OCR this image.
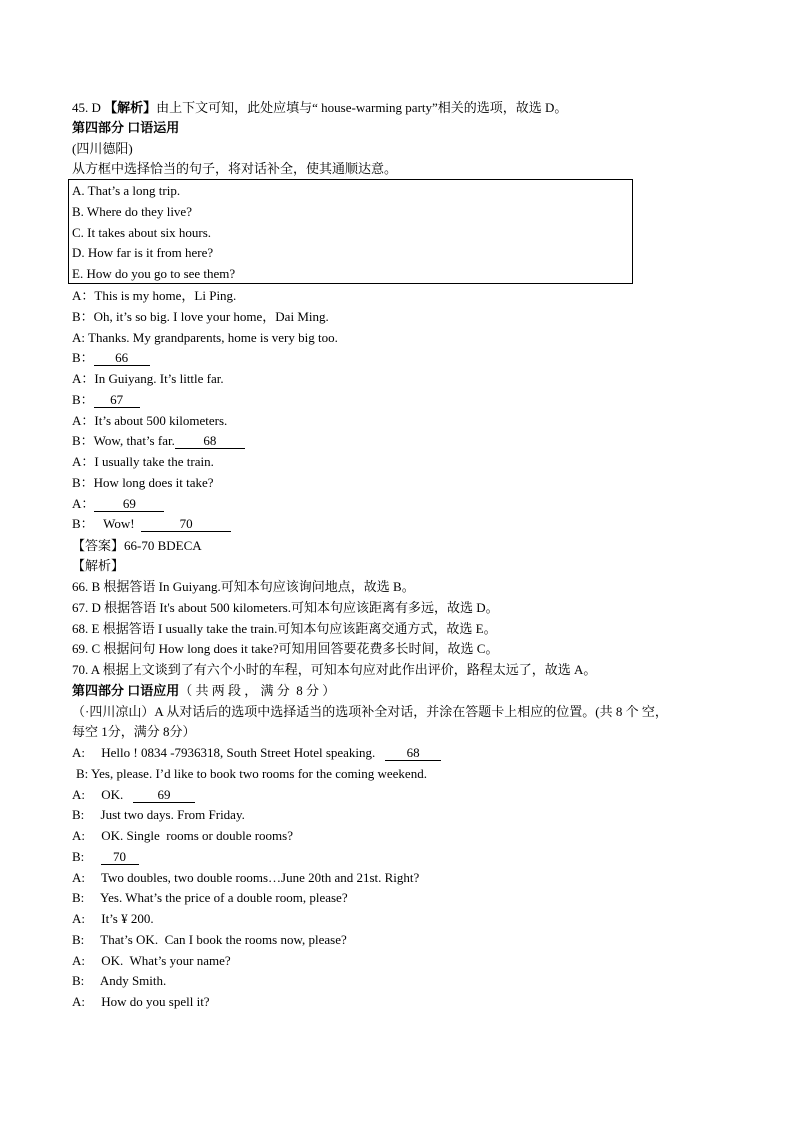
45. D 【解析】由上下文可知，此处应填与“ house-warming party”相关的选项，故选 D。
第四部分 口语运用
(四川德阳)
从方框中选择恰当的句子，将对话补全，使其通顺达意。
A. That’s a long trip.
B. Where do they live?
C. It takes about six hours.
D. How far is it from here?
E. How do you go to see them?
A：This is my home，Li Ping.
B：Oh, it’s so big. I love your home，Dai Ming.
A: Thanks. My grandparents, home is very big too.
B： 66
A：In Guiyang. It’s little far.
B： 67
A：It’s about 500 kilometers.
B：Wow, that’s far. 68
A：I usually take the train.
B：How long does it take?
A： 69
B：   Wow!	70
【答案】66-70 BDECA
【解析】
66. B 根据答语 In Guiyang.可知本句应该询问地点，故选 B。
67. D 根据答语 It's about 500 kilometers.可知本句应该距离有多远，故选 D。
68. E 根据答语 I usually take the train.可知本句应该距离交通方式，故选 E。
69. C 根据问句 How long does it take?可知用回答要花费多长时间，故选 C。
70. A 根据上文谈到了有六个小时的车程，可知本句应对此作出评价，路程太远了，故选 A。
第四部分 口语应用（ 共 两 段 ， 满 分  8 分 ）
（·四川凉山）A 从对话后的选项中选择适当的选项补全对话，并涂在答题卡上相应的位置。(共 8 个 空，
每空 1分，满分 8分）
A:     Hello ! 0834 -7936318, South Street Hotel speaking.   68
B: Yes, please. I’d like to book two rooms for the coming weekend.
A:     OK.   69
B:     Just two days. From Friday.
A:     OK. Single  rooms or double rooms?
B:     70
A:     Two doubles, two double rooms…June 20th and 21st. Right?
B:     Yes. What’s the price of a double room, please?
A:     It’s ¥ 200.
B:     That’s OK.  Can I book the rooms now, please?
A:     OK.  What’s your name?
B:     Andy Smith.
A:     How do you spell it?
